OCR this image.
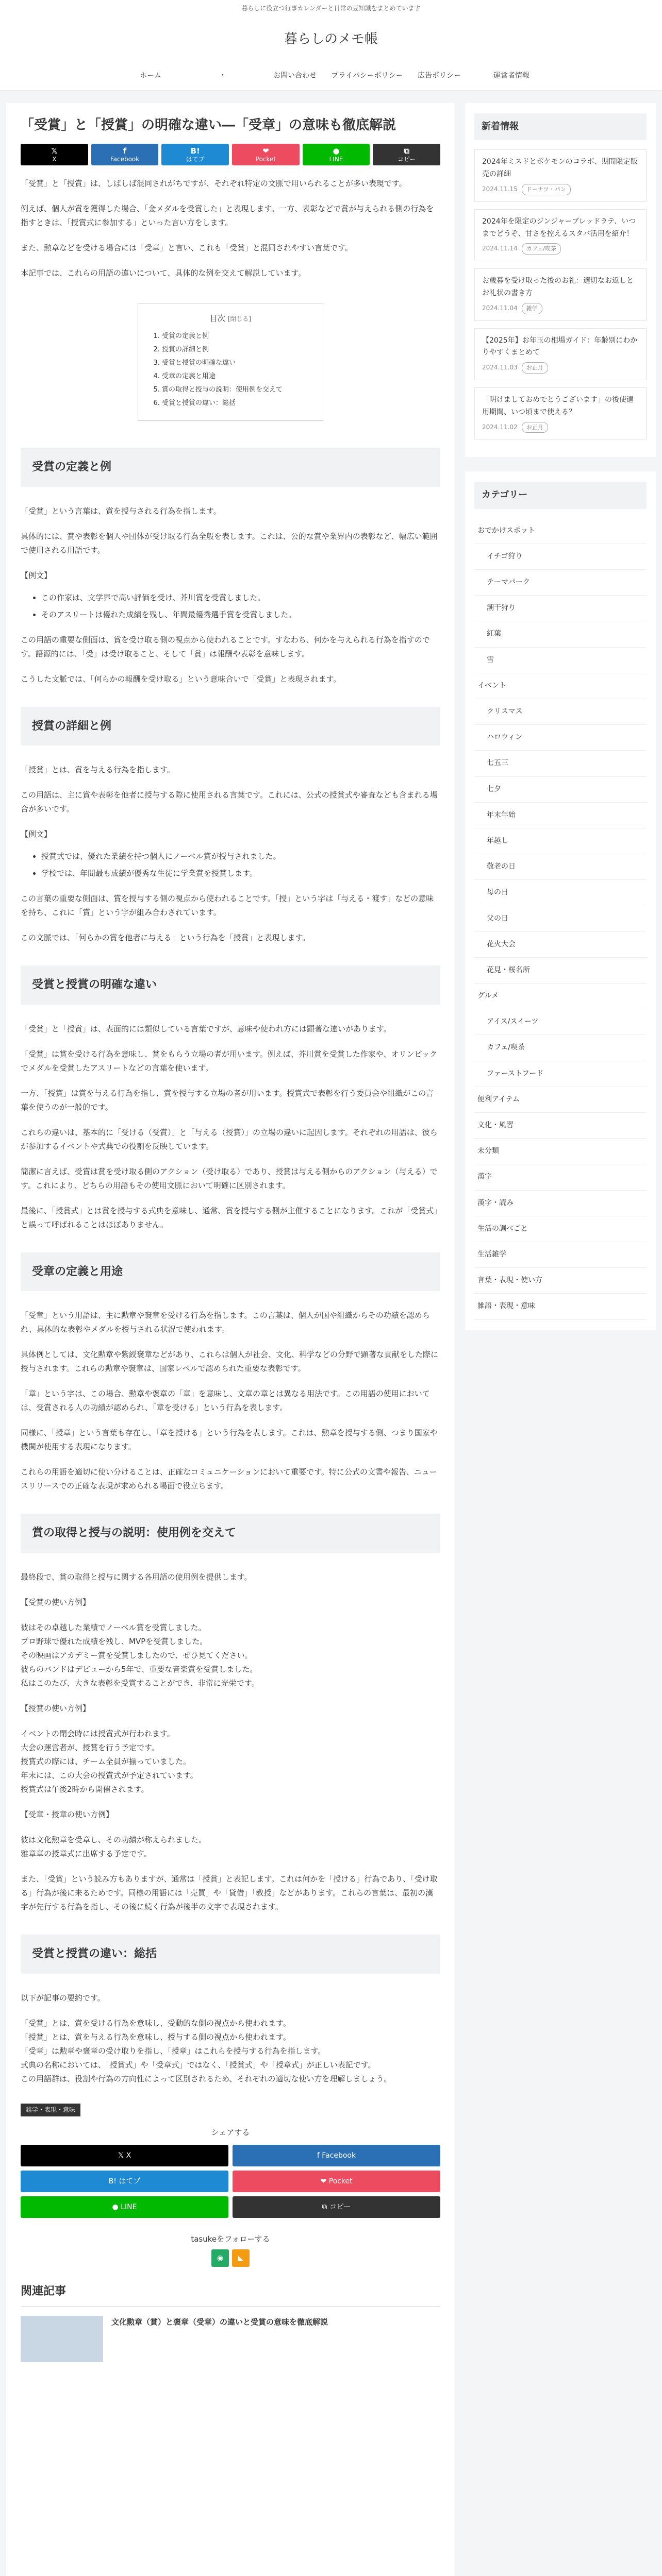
暮らしに役立つ行事カレンダーと日常の豆知識をまとめています
暮らしのメモ帳
ホーム	・	お問い合わせ	プライバシーポリシー	広告ポリシー	運営者情報
「受賞」と「授賞」の明確な違い―「受章」の意味も徹底解説
𝕏
X
f
Facebook
B!
はてブ
❤
Pocket
●
LINE
⧉
コピー

「受賞」と「授賞」は、しばしば混同されがちですが、それぞれ特定の文脈で用いられることが多い表現です。

例えば、個人が賞を獲得した場合、「金メダルを受賞した」と表現します。一方、表彰などで賞が与えられる側の行為を指すときは、「授賞式に参加する」といった言い方をします。

また、勲章などを受ける場合には「受章」と言い、これも「受賞」と混同されやすい言葉です。

本記事では、これらの用語の違いについて、具体的な例を交えて解説しています。

目次 [閉じる]
1. 受賞の定義と例
2. 授賞の詳細と例
3. 受賞と授賞の明確な違い
4. 受章の定義と用途
5. 賞の取得と授与の説明：使用例を交えて
6. 受賞と授賞の違い：総括
受賞の定義と例

「受賞」という言葉は、賞を授与される行為を指します。

具体的には、賞や表彰を個人や団体が受け取る行為全般を表します。これは、公的な賞や業界内の表彰など、幅広い範囲で使用される用語です。

【例文】

• この作家は、文学界で高い評価を受け、芥川賞を受賞しました。
• そのアスリートは優れた成績を残し、年間最優秀選手賞を受賞しました。

この用語の重要な側面は、賞を受け取る側の視点から使われることです。すなわち、何かを与えられる行為を指すのです。語源的には、「受」は受け取ること、そして「賞」は報酬や表彰を意味します。

こうした文脈では、「何らかの報酬を受け取る」という意味合いで「受賞」と表現されます。

授賞の詳細と例

「授賞」とは、賞を与える行為を指します。

この用語は、主に賞や表彰を他者に授与する際に使用される言葉です。これには、公式の授賞式や審査なども含まれる場合が多いです。

【例文】

• 授賞式では、優れた業績を持つ個人にノーベル賞が授与されました。
• 学校では、年間最も成績が優秀な生徒に学業賞を授賞します。

この言葉の重要な側面は、賞を授与する側の視点から使われることです。「授」という字は「与える・渡す」などの意味を持ち、これに「賞」という字が組み合わされています。

この文脈では、「何らかの賞を他者に与える」という行為を「授賞」と表現します。

受賞と授賞の明確な違い

「受賞」と「授賞」は、表面的には類似している言葉ですが、意味や使われ方には顕著な違いがあります。

「受賞」は賞を受ける行為を意味し、賞をもらう立場の者が用います。例えば、芥川賞を受賞した作家や、オリンピックでメダルを受賞したアスリートなどの言葉を使います。

一方、「授賞」は賞を与える行為を指し、賞を授与する立場の者が用います。授賞式で表彰を行う委員会や組織がこの言葉を使うのが一般的です。

これらの違いは、基本的に「受ける（受賞）」と「与える（授賞）」の立場の違いに起因します。それぞれの用語は、彼らが参加するイベントや式典での役割を反映しています。

簡潔に言えば、受賞は賞を受け取る側のアクション（受け取る）であり、授賞は与える側からのアクション（与える）です。これにより、どちらの用語もその使用文脈において明確に区別されます。

最後に、「授賞式」とは賞を授与する式典を意味し、通常、賞を授与する側が主催することになります。これが「受賞式」と誤って呼ばれることはほぼありません。

受章の定義と用途

「受章」という用語は、主に勲章や褒章を受ける行為を指します。この言葉は、個人が国や組織からその功績を認められ、具体的な表彰やメダルを授与される状況で使われます。

具体例としては、文化勲章や紫綬褒章などがあり、これらは個人が社会、文化、科学などの分野で顕著な貢献をした際に授与されます。これらの勲章や褒章は、国家レベルで認められた重要な表彰です。

「章」という字は、この場合、勲章や褒章の「章」を意味し、文章の章とは異なる用法です。この用語の使用においては、受賞される人の功績が認められ、「章を受ける」という行為を表します。

同様に、「授章」という言葉も存在し、「章を授ける」という行為を表します。これは、勲章を授与する側、つまり国家や機関が使用する表現になります。

これらの用語を適切に使い分けることは、正確なコミュニケーションにおいて重要です。特に公式の文書や報告、ニュースリリースでの正確な表現が求められる場面で役立ちます。

賞の取得と授与の説明：使用例を交えて

最終段で、賞の取得と授与に関する各用語の使用例を提供します。

【受賞の使い方例】

彼はその卓越した業績でノーベル賞を受賞しました。

プロ野球で優れた成績を残し、MVPを受賞しました。

その映画はアカデミー賞を受賞しましたので、ぜひ見てください。

彼らのバンドはデビューから5年で、重要な音楽賞を受賞しました。

私はこのたび、大きな表彰を受賞することができ、非常に光栄です。

【授賞の使い方例】

イベントの閉会時には授賞式が行われます。

大会の運営者が、授賞を行う予定です。

授賞式の際には、チーム全員が揃っていました。

年末には、この大会の授賞式が予定されています。

授賞式は午後2時から開催されます。

【受章・授章の使い方例】

彼は文化勲章を受章し、その功績が称えられました。

雅章章の授章式に出席する予定です。

また、「受賞」という読み方もありますが、通常は「授賞」と表記します。これは何かを「授ける」行為であり、「受け取る」行為が後に来るためです。同様の用語には「売買」や「貸借」「教授」などがあります。これらの言葉は、最初の漢字が先行する行為を指し、その後に続く行為が後半の文字で表現されます。

受賞と授賞の違い：総括

以下が記事の要約です。

「受賞」とは、賞を受ける行為を意味し、受動的な側の視点から使われます。

「授賞」とは、賞を与える行為を意味し、授与する側の視点から使われます。

「受章」は勲章や褒章の受け取りを指し、「授章」はこれらを授与する行為を指します。

式典の名称においては、「授賞式」や「受章式」ではなく、「授賞式」や「授章式」が正しい表記です。

この用語群は、役割や行為の方向性によって区別されるため、それぞれの適切な使い方を理解しましょう。

雑学・表現・意味
シェアする
𝕏 X	f Facebook
B! はてブ	❤ Pocket
● LINE	⧉ コピー
tasukeをフォローする
◉	◣
関連記事
文化勲章（賞）と褒章（受章）の違いと受賞の意味を徹底解説
新着情報
2024年ミスドとポケモンのコラボ、期間限定販売の詳細
2024.11.15	ドーナツ・パン
2024年を限定のジンジャーブレッドラテ、いつまでどうぞ、甘さを控えるスタバ活用を紹介！
2024.11.14	カフェ/喫茶
お歳暮を受け取った後のお礼：適切なお返しとお礼状の書き方
2024.11.04	雑学
【2025年】お年玉の相場ガイド：年齢別にわかりやすくまとめて
2024.11.03	お正月
「明けましておめでとうございます」の後使適用期間、いつ頃まで使える？
2024.11.02	お正月
カテゴリー
おでかけスポット
イチゴ狩り
テーマパーク
潮干狩り
紅葉
雪
イベント
クリスマス
ハロウィン
七五三
七夕
年末年始
年越し
敬老の日
母の日
父の日
花火大会
花見・桜名所
グルメ
アイス/スイーツ
カフェ/喫茶
ファーストフード
便利アイテム
文化・風習
未分類
漢字
漢字・読み
生活の調べごと
生活雑学
言葉・表現・使い方
雑語・表現・意味
